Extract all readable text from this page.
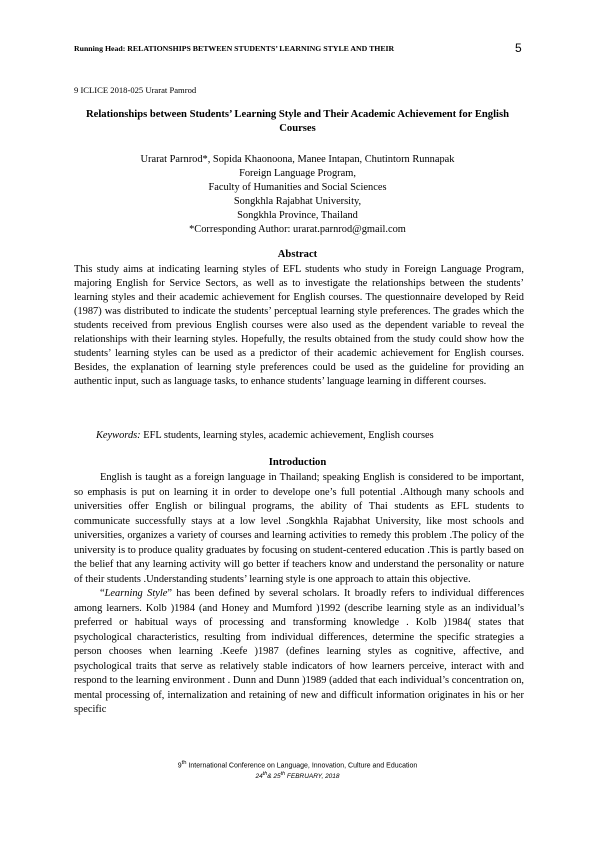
Running Head: RELATIONSHIPS BETWEEN STUDENTS’ LEARNING STYLE AND THEIR	5
9 ICLICE 2018-025 Urarat Pamrod
Relationships between Students’ Learning Style and Their Academic Achievement for English Courses
Urarat Parnrod*, Sopida Khaonoona, Manee Intapan, Chutintorn Runnapak
Foreign Language Program,
Faculty of Humanities and Social Sciences
Songkhla Rajabhat University,
Songkhla Province, Thailand
*Corresponding Author: urarat.parnrod@gmail.com
Abstract
This study aims at indicating learning styles of EFL students who study in Foreign Language Program, majoring English for Service Sectors, as well as to investigate the relationships between the students’ learning styles and their academic achievement for English courses. The questionnaire developed by Reid (1987) was distributed to indicate the students’ perceptual learning style preferences. The grades which the students received from previous English courses were also used as the dependent variable to reveal the relationships with their learning styles. Hopefully, the results obtained from the study could show how the students’ learning styles can be used as a predictor of their academic achievement for English courses. Besides, the explanation of learning style preferences could be used as the guideline for providing an authentic input, such as language tasks, to enhance students’ language learning in different courses.
Keywords: EFL students, learning styles, academic achievement, English courses
Introduction

English is taught as a foreign language in Thailand; speaking English is considered to be important, so emphasis is put on learning it in order to develope one’s full potential .Although many schools and universities offer English or bilingual programs, the ability of Thai students as EFL students to communicate successfully stays at a low level .Songkhla Rajabhat University, like most schools and universities, organizes a variety of courses and learning activities to remedy this problem .The policy of the university is to produce quality graduates by focusing on student-centered education .This is partly based on the belief that any learning activity will go better if teachers know and understand the personality or nature of their students .Understanding students’ learning style is one approach to attain this objective.

“Learning Style” has been defined by several scholars. It broadly refers to individual differences among learners. Kolb )1984 (and Honey and Mumford )1992 (describe learning style as an individual’s preferred or habitual ways of processing and transforming knowledge . Kolb )1984( states that psychological characteristics, resulting from individual differences, determine the specific strategies a person chooses when learning .Keefe )1987 (defines learning styles as cognitive, affective, and psychological traits that serve as relatively stable indicators of how learners perceive, interact with and respond to the learning environment . Dunn and Dunn )1989 (added that each individual’s concentration on, mental processing of, internalization and retaining of new and difficult information originates in his or her specific

9th International Conference on Language, Innovation, Culture and Education
24th& 25th FEBRUARY, 2018
